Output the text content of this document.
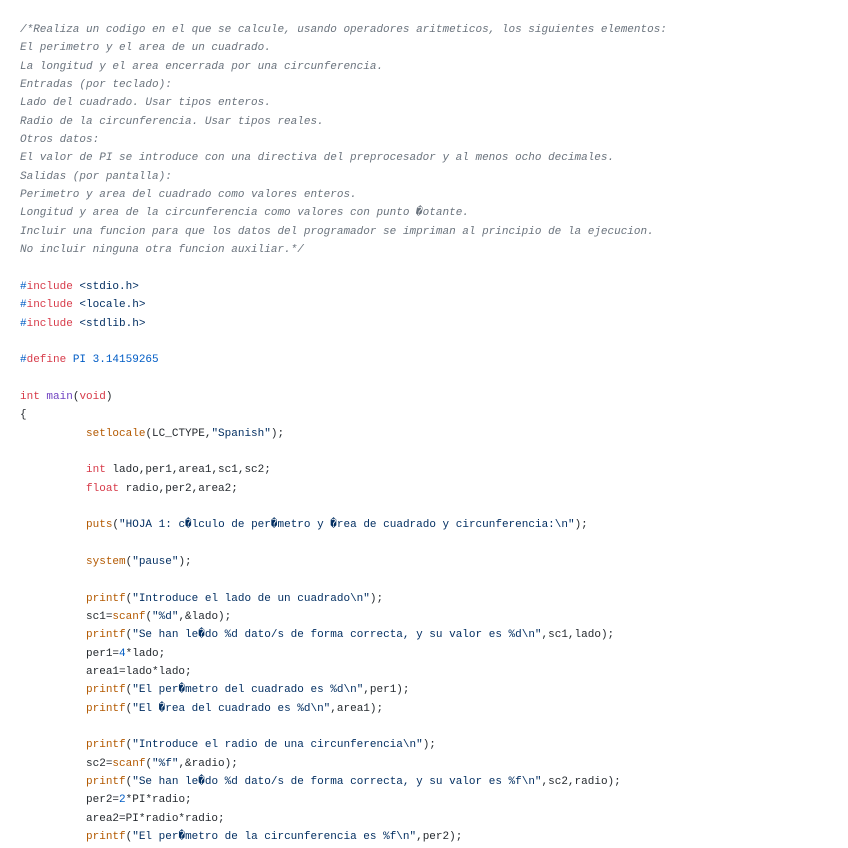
/*Realiza un codigo en el que se calcule, usando operadores aritmeticos, los siguientes elementos:
El perimetro y el area de un cuadrado.
La longitud y el area encerrada por una circunferencia.
Entradas (por teclado):
Lado del cuadrado. Usar tipos enteros.
Radio de la circunferencia. Usar tipos reales.
Otros datos:
El valor de PI se introduce con una directiva del preprocesador y al menos ocho decimales.
Salidas (por pantalla):
Perimetro y area del cuadrado como valores enteros.
Longitud y area de la circunferencia como valores con punto �otante.
Incluir una funcion para que los datos del programador se impriman al principio de la ejecucion.
No incluir ninguna otra funcion auxiliar.*/

#include <stdio.h>
#include <locale.h>
#include <stdlib.h>

#define PI 3.14159265

int main(void)
{
setlocale(LC_CTYPE,"Spanish");

int lado,per1,area1,sc1,sc2;
float radio,per2,area2;

puts("HOJA 1: c�lculo de per�metro y �rea de cuadrado y circunferencia:\n");

system("pause");

printf("Introduce el lado de un cuadrado\n");
sc1=scanf("%d",&lado);
printf("Se han le�do %d dato/s de forma correcta, y su valor es %d\n",sc1,lado);
per1=4*lado;
area1=lado*lado;
printf("El per�metro del cuadrado es %d\n",per1);
printf("El �rea del cuadrado es %d\n",area1);

printf("Introduce el radio de una circunferencia\n");
sc2=scanf("%f",&radio);
printf("Se han le�do %d dato/s de forma correcta, y su valor es %f\n",sc2,radio);
per2=2*PI*radio;
area2=PI*radio*radio;
printf("El per�metro de la circunferencia es %f\n",per2);
